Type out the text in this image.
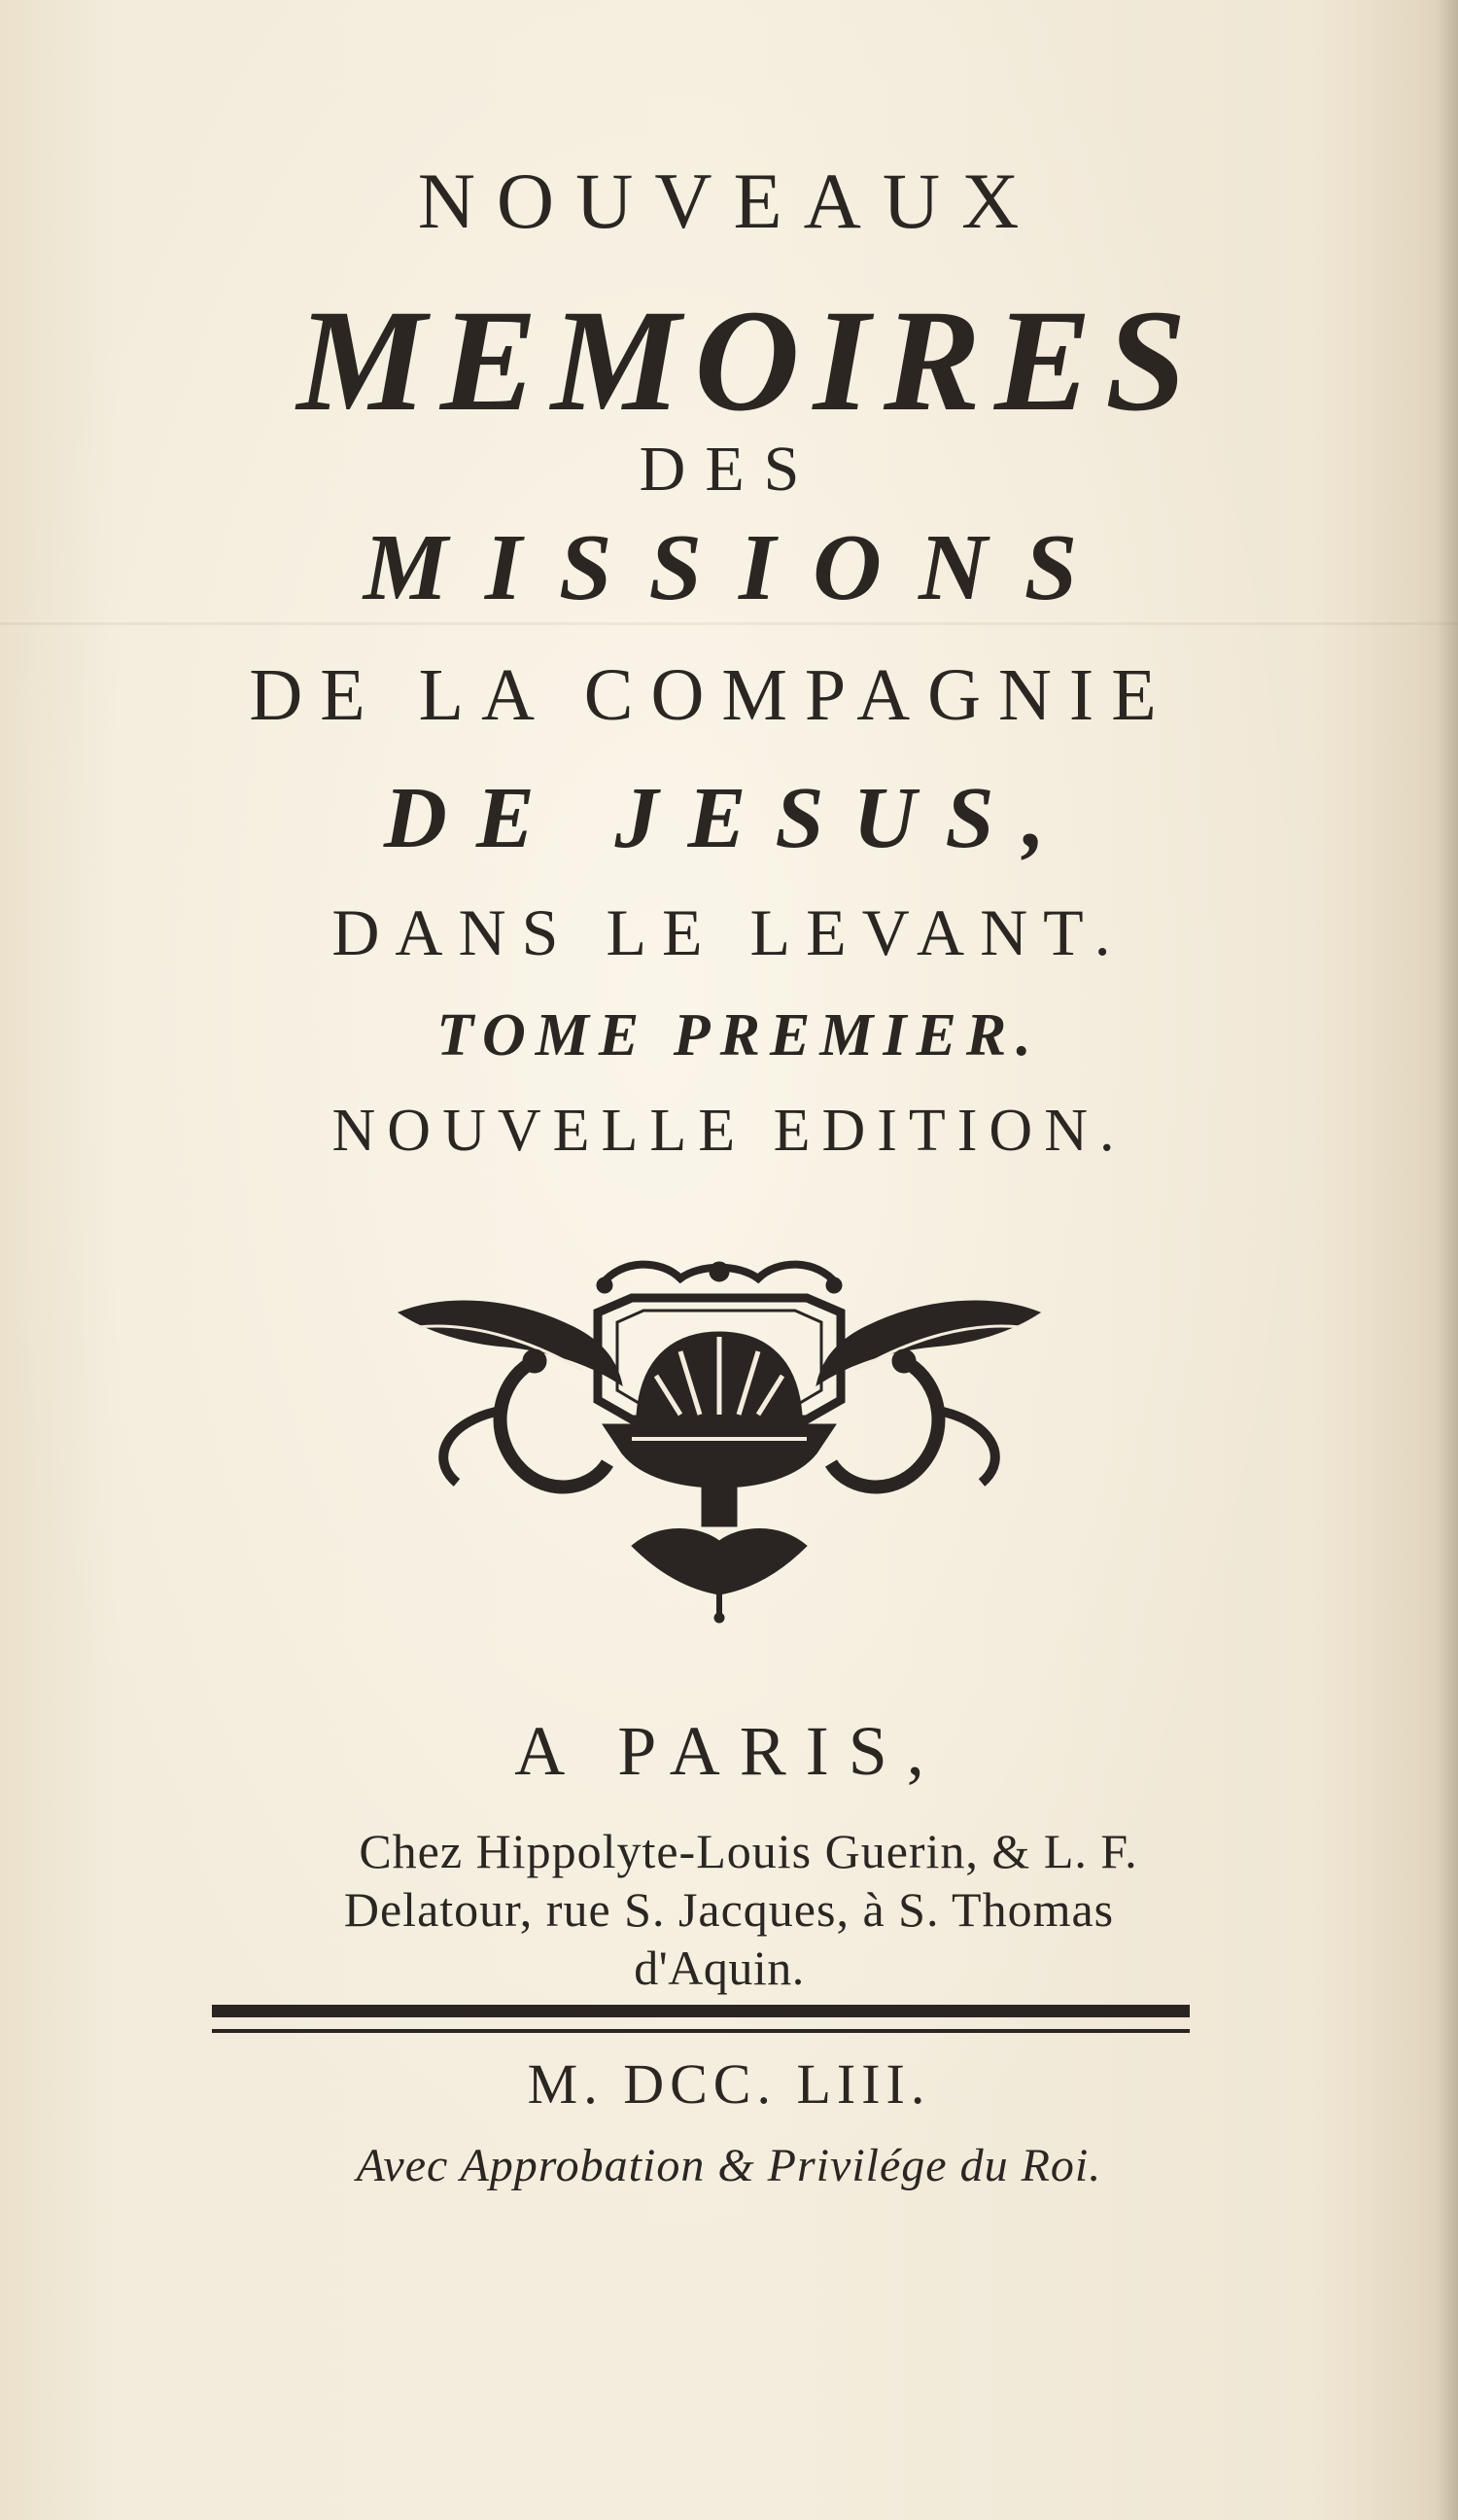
NOUVEAUX
MEMOIRES
DES
MISSIONS
DE LA COMPAGNIE
DE JESUS,
DANS LE LEVANT.
TOME PREMIER.
NOUVELLE EDITION.
A PARIS,
Chez Hippolyte-Louis Guerin, & L. F.
Delatour, rue S. Jacques, à S. Thomas
d'Aquin.
M. DCC. LIII.
Avec Approbation & Privilége du Roi.
